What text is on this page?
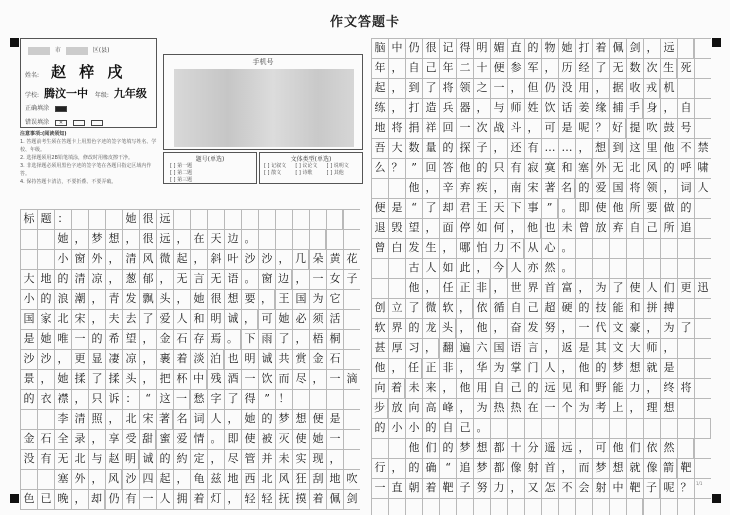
作文答题卡
市	区(县)
姓名: 赵 梓 戌
学校: 腾汶一中 年级: 九年级
正确填涂
错误填涂 ✕
注意事项:(阅读须知)
1. 答题前考生须在答题卡上用黑色字迹的签字笔填写姓名、学校、年级。
2. 选择题须用2B铅笔填涂，修改时用橡皮擦干净。
3. 非选择题必须用黑色字迹的签字笔在各题目指定区域内作答。
4. 保持答题卡清洁，不要折叠、不要弄破。
手机号
题号(单选)
[ ] 第一题
[ ] 第二题
[ ] 第三题
文体类型(单选)
[ ] 记叙文	[ ] 议论文	[ ] 说明文
[ ] 散文	[ ] 诗歌	[ ] 其他
标 题 ：	她 很 远
她 ， 梦 想 ， 很 远 ， 在 天 边 。
小 窗 外 ， 清 风 微 起 ， 斜 叶 沙 沙 ， 几 朵 黄 花
大 地 的 清 凉 ， 葱 郁 ， 无 言 无 语 。 窗 边 ， 一 女 子
小 的 浪 潮 ， 青 发 飘 头 ， 她 很 想 要 ， 王 国 为 它
国 家 北 宋 ， 夫 去 了 爱 人 和 明 诚 ， 可 她 必 须 活
是 她 唯 一 的 希 望 ， 金 石 存 焉 。 下 雨 了 ， 梧 桐
沙 沙 ， 更 显 凄 凉 ， 裹 着 淡 泊 也 明 诚 共 赏 金 石
景 ， 她 揉 了 揉 头 ， 把 杯 中 残 酒 一 饮 而 尽 ， 一 滴
的 衣 襟 ， 只 诉 ： “ 这 一 愁 字 了 得 ” ！
李 清 照 ， 北 宋 著 名 词 人 ， 她 的 梦 想 便 是
金 石 全 录 ， 享 受 甜 蜜 爱 情 。 即 使 被 灭 使 她 一
没 有 无 北 与 赵 明 诚 的 約 定 ， 尽 管 并 未 实 现 ，
塞 外 ， 风 沙 四 起 ， 龟 兹 地 西 北 风 狂 刮 地 吹
色 已 晚 ， 却 仍 有 一 人 拥 着 灯 ， 轻 轻 抚 摸 着 佩 剑
脑 中 仍 很 记 得 明 媚 直 的 物 她 打 着 佩 剑 ， 远
年 ， 自 己 年 二 十 便 参 军 ， 历 经 了 无 数 次 生 死
起 ， 到 了 将 领 之 一 ， 但 仍 没 用 ， 据 收 戎 机
练 ， 打 造 兵 器 ， 与 师 姓 饮 话 姜 缘 捕 手 身 ， 自
地 将 捐 祥 回 一 次 战 斗 ， 可 是 呢 ？ 好 提 吹 鼓 号
吾 大 数 量 的 探 子 ， 还 有 … … ， 想 到 这 里 他 不 禁
么 ？ ” 回 答 他 的 只 有 寂 寞 和 塞 外 无 北 风 的 呼 啸
他 ， 辛 弃 疾 ， 南 宋 著 名 的 爱 国 将 领 ， 词 人
便 是 “ 了 却 君 王 天 下 事 ” 。 即 使 他 所 要 做 的
退 毁 望 ， 面 停 如 何 ， 他 也 未 曾 放 弃 自 己 所 追
曾 白 发 生 ， 哪 怕 力 不 从 心 。
古 人 如 此 ， 今 人 亦 然 。
他 ， 任 正 非 ， 世 界 首 富 ， 为 了 使 人 们 更 迅
创 立 了 微 软 ， 依 循 自 己 超 硬 的 技 能 和 拼 搏
软 界 的 龙 头 ， 他 ， 奋 发 努 ， 一 代 文 豪 ， 为 了
甚 厚 习 ， 翻 遍 六 国 语 言 ， 返 是 其 文 大 师 ，
他 ， 任 正 非 ， 华 为 掌 门 人 ， 他 的 梦 想 就 是
向 着 未 来 ， 他 用 自 己 的 远 见 和 野 能 力 ， 终 将
步 放 向 高 峰 ， 为 热 热 在 一 个 为 考 上 ， 理 想
的 小 小 的 自 己 。
他 们 的 梦 想 都 十 分 遥 远 ， 可 他 们 依 然
行 ， 的 确 “ 追 梦 都 像 射 首 ， 而 梦 想 就 像 箭 靶
一 直 朝 着 靶 子 努 力 ， 又 怎 不 会 射 中 靶 子 呢 ？	1/1
